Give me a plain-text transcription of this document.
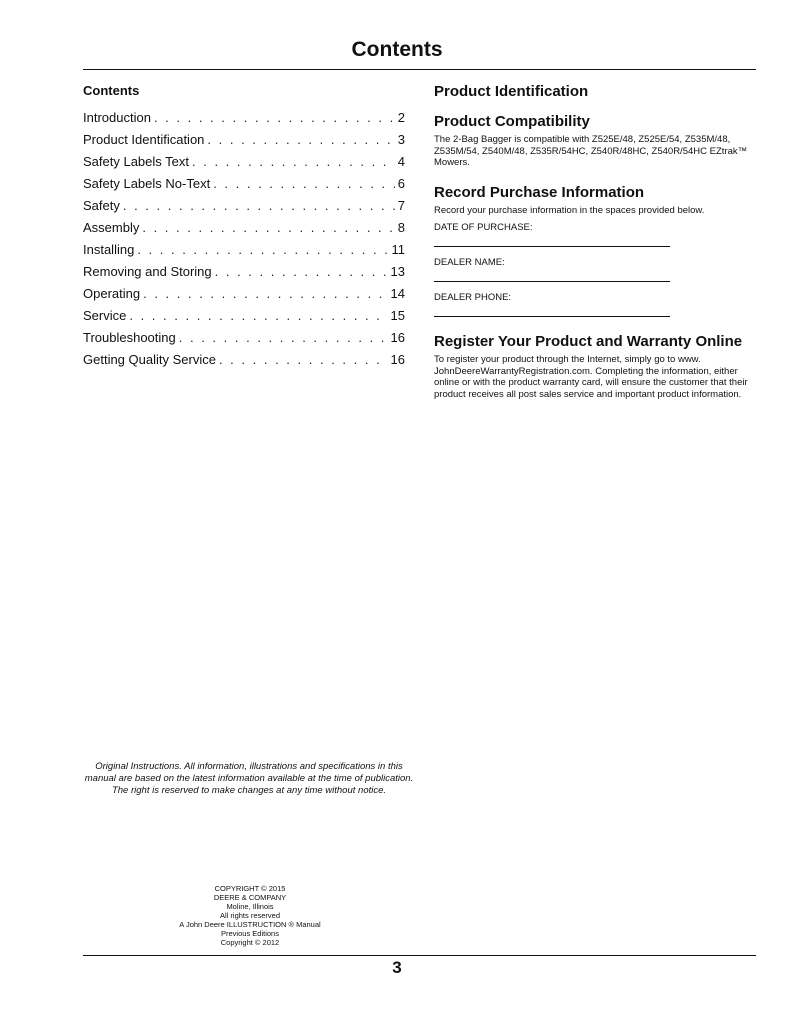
Contents

Contents

Introduction . . .	2
Product Identification . . .	3
Safety Labels Text . . .	4
Safety Labels No-Text . . .	6
Safety . . .	7
Assembly . . .	8
Installing . . .	11
Removing and Storing . . .	13
Operating . . .	14
Service . . .	15
Troubleshooting . . .	16
Getting Quality Service . . .	16

Product Identification

Product Compatibility

The 2-Bag Bagger is compatible with Z525E/48, Z525E/54, Z535M/48, Z535M/54, Z540M/48, Z535R/54HC, Z540R/48HC, Z540R/54HC EZtrak™ Mowers.

Record Purchase Information

Record your purchase information in the spaces provided below.

DATE OF PURCHASE:

DEALER NAME:

DEALER PHONE:

Register Your Product and Warranty Online

To register your product through the Internet, simply go to www. JohnDeereWarrantyRegistration.com. Completing the information, either online or with the product warranty card, will ensure the customer that their product receives all post sales service and important product information.

Original Instructions. All information, illustrations and specifications in this manual are based on the latest information available at the time of publication.
The right is reserved to make changes at any time without notice.
COPYRIGHT © 2015
DEERE & COMPANY
Moline, Illinois
All rights reserved
A John Deere ILLUSTRUCTION ® Manual
Previous Editions
Copyright © 2012
3
